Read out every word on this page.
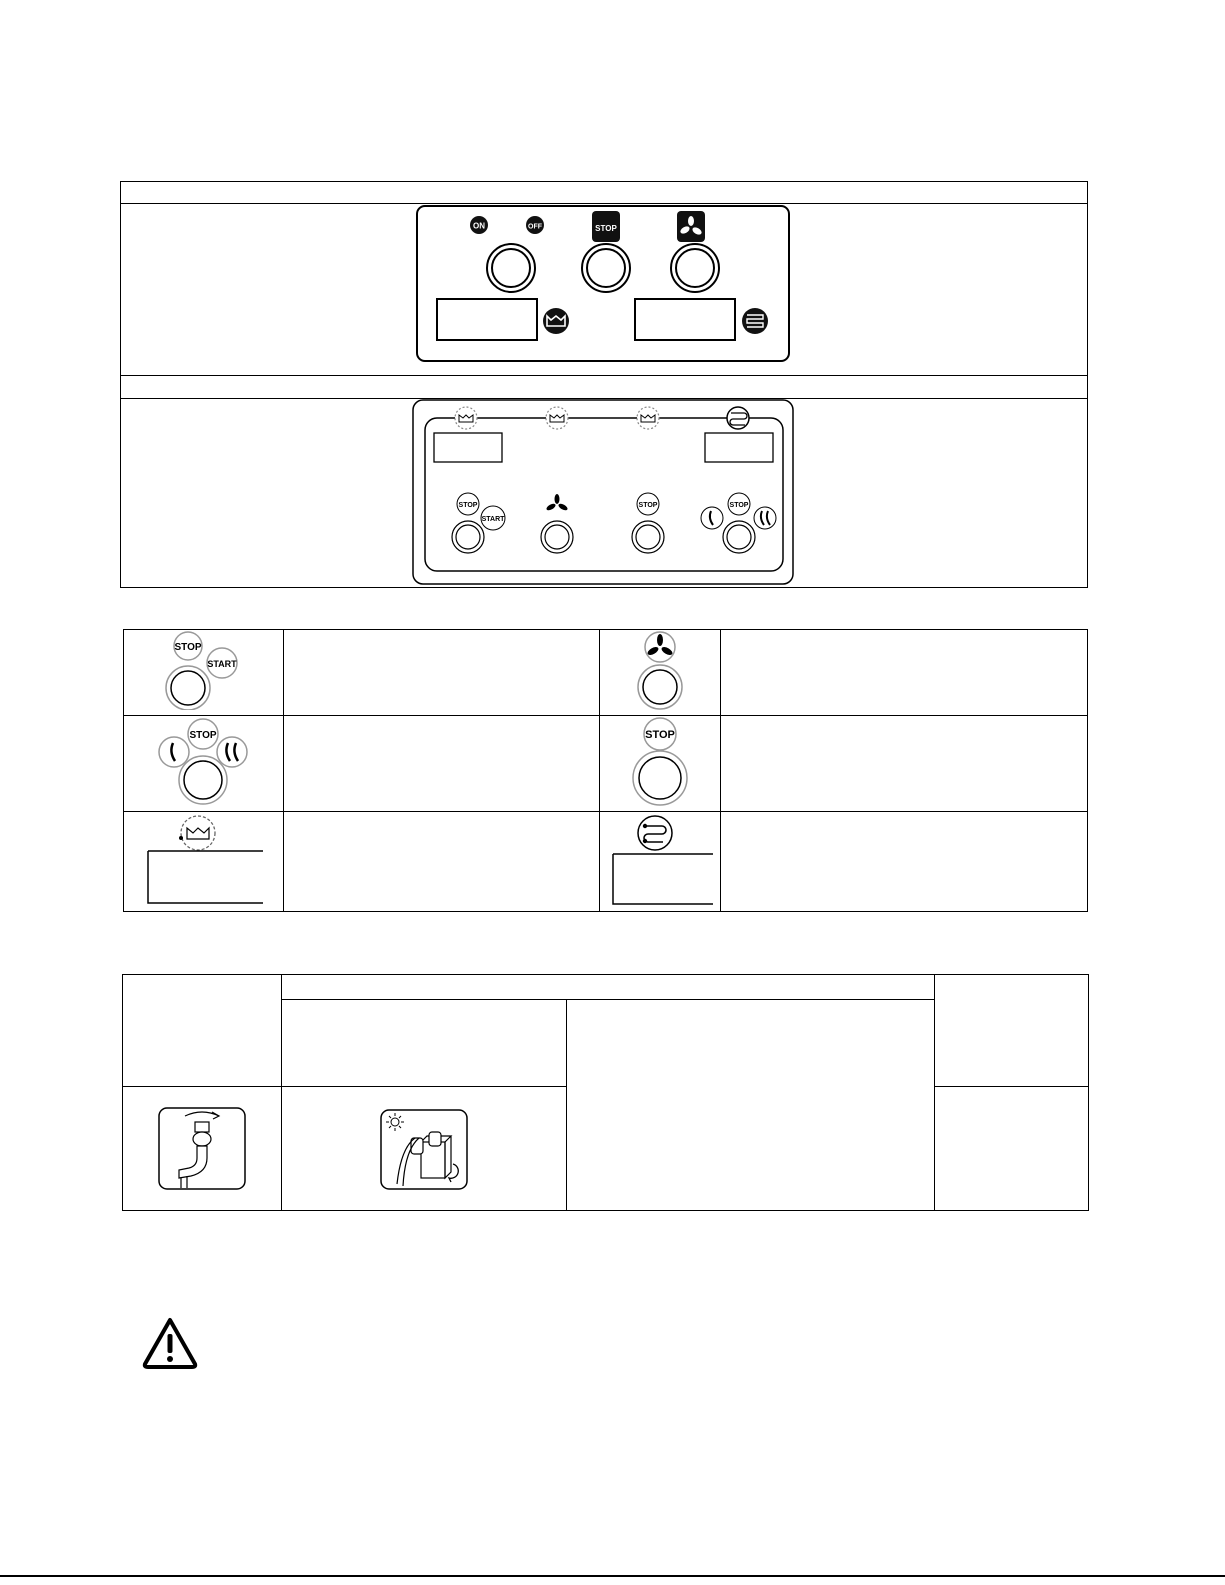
ON	OFF	STOP
STOP
START
STOP	STOP
STOP
START

STOP		STOP	
